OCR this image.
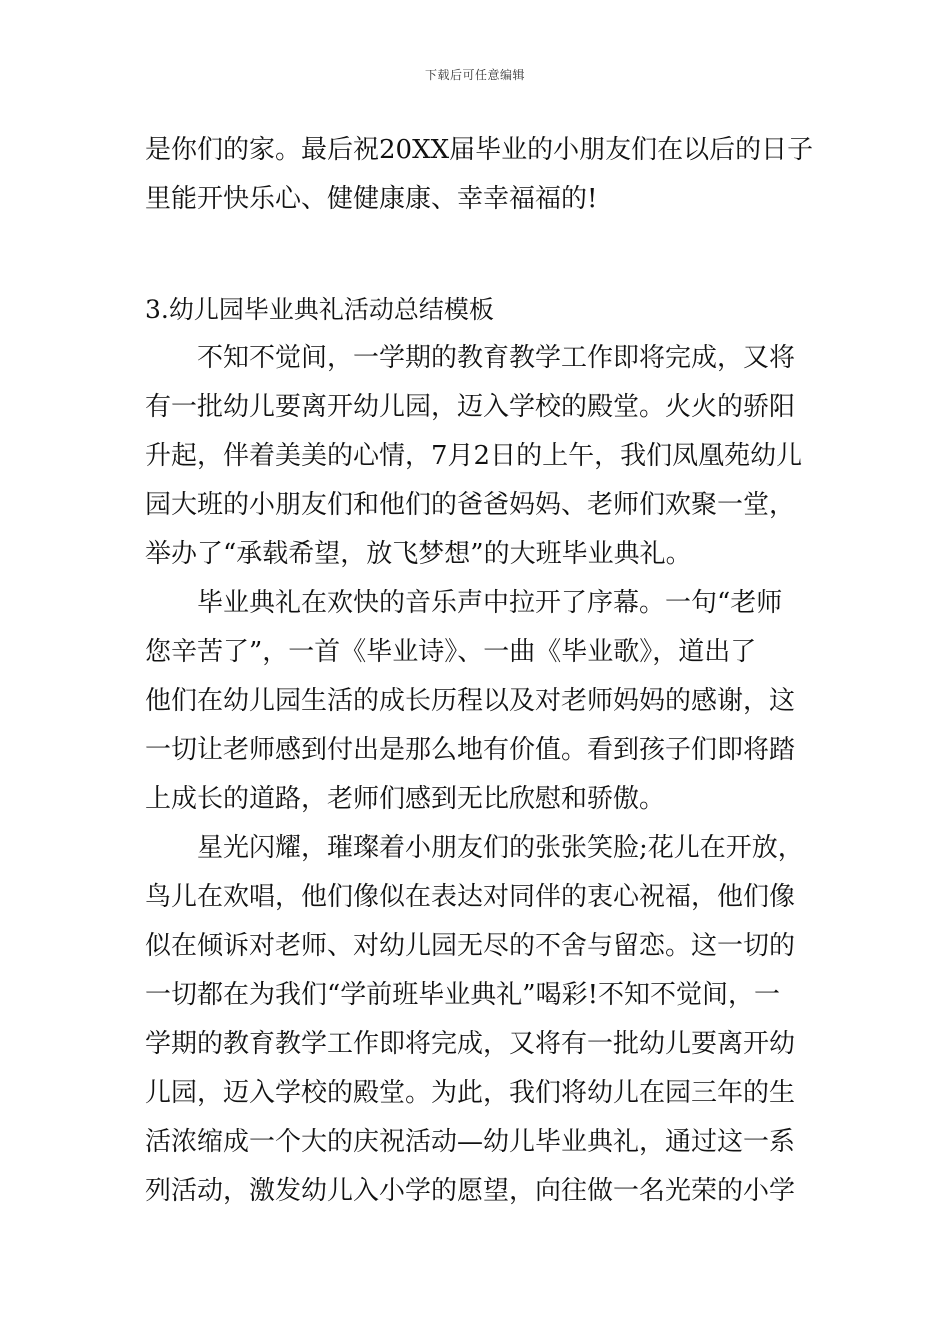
下载后可任意编辑
是你们的家。最后祝20XX届毕业的小朋友们在以后的日子
里能开快乐心、健健康康、幸幸福福的!
3.幼儿园毕业典礼活动总结模板
不知不觉间，一学期的教育教学工作即将完成，又将
有一批幼儿要离开幼儿园，迈入学校的殿堂。火火的骄阳
升起，伴着美美的心情，7月2日的上午，我们凤凰苑幼儿
园大班的小朋友们和他们的爸爸妈妈、老师们欢聚一堂，
举办了“承载希望，放飞梦想”的大班毕业典礼。
毕业典礼在欢快的音乐声中拉开了序幕。一句“老师
您辛苦了”，一首《毕业诗》、一曲《毕业歌》，道出了
他们在幼儿园生活的成长历程以及对老师妈妈的感谢，这
一切让老师感到付出是那么地有价值。看到孩子们即将踏
上成长的道路，老师们感到无比欣慰和骄傲。
星光闪耀，璀璨着小朋友们的张张笑脸;花儿在开放，
鸟儿在欢唱，他们像似在表达对同伴的衷心祝福，他们像
似在倾诉对老师、对幼儿园无尽的不舍与留恋。这一切的
一切都在为我们“学前班毕业典礼”喝彩!不知不觉间，一
学期的教育教学工作即将完成，又将有一批幼儿要离开幼
儿园，迈入学校的殿堂。为此，我们将幼儿在园三年的生
活浓缩成一个大的庆祝活动—幼儿毕业典礼，通过这一系
列活动，激发幼儿入小学的愿望，向往做一名光荣的小学
